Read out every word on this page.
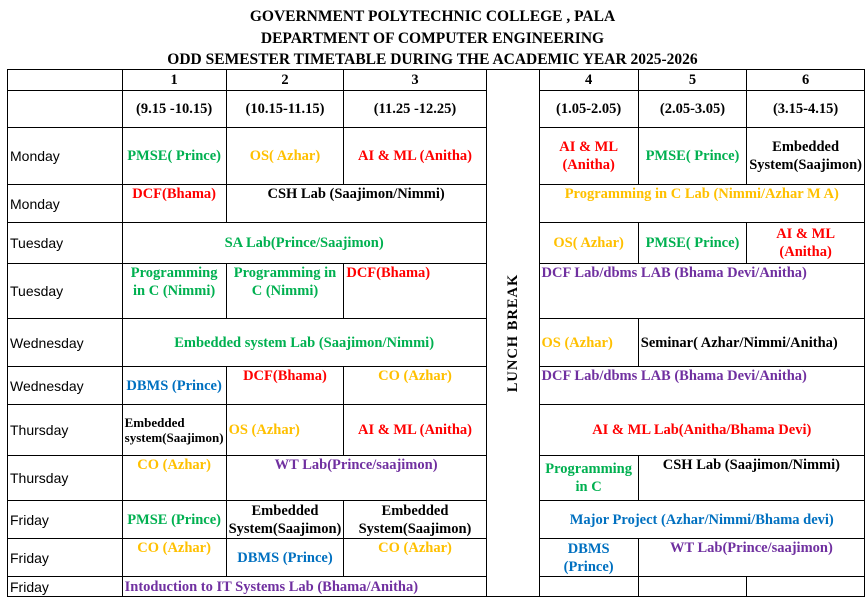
GOVERNMENT POLYTECHNIC COLLEGE , PALA
DEPARTMENT OF COMPUTER ENGINEERING
ODD SEMESTER TIMETABLE DURING THE ACADEMIC YEAR 2025-2026
	1	2	3	LUNCH BREAK	4	5	6
	(9.15 -10.15)	(10.15-11.15)	(11.25 -12.25)		(1.05-2.05)	(2.05-3.05)	(3.15-4.15)
Monday	PMSE( Prince)	OS( Azhar)	AI & ML (Anitha)		AI & ML (Anitha)	PMSE( Prince)	Embedded System(Saajimon)
Monday	DCF(Bhama)	CSH Lab (Saajimon/Nimmi)			Programming in C Lab (Nimmi/Azhar M A)		
Tuesday	SA Lab(Prince/Saajimon)				OS( Azhar)	PMSE( Prince)	AI & ML (Anitha)
Tuesday	Programming in C (Nimmi)	Programming in C (Nimmi)	DCF(Bhama)		DCF Lab/dbms LAB (Bhama Devi/Anitha)		
Wednesday	Embedded system Lab (Saajimon/Nimmi)				OS (Azhar)	Seminar( Azhar/Nimmi/Anitha)	
Wednesday	DBMS (Prince)	DCF(Bhama)	CO (Azhar)		DCF Lab/dbms LAB (Bhama Devi/Anitha)		
Thursday	Embedded system(Saajimon)	OS (Azhar)	AI & ML (Anitha)		AI & ML Lab(Anitha/Bhama Devi)		
Thursday	CO (Azhar)	WT Lab(Prince/saajimon)			Programming in C	CSH Lab (Saajimon/Nimmi)	
Friday	PMSE (Prince)	Embedded System(Saajimon)	Embedded System(Saajimon)		Major Project (Azhar/Nimmi/Bhama devi)		
Friday	CO (Azhar)	DBMS (Prince)	CO (Azhar)		DBMS (Prince)	WT Lab(Prince/saajimon)	
Friday	Intoduction to IT Systems Lab (Bhama/Anitha)						
